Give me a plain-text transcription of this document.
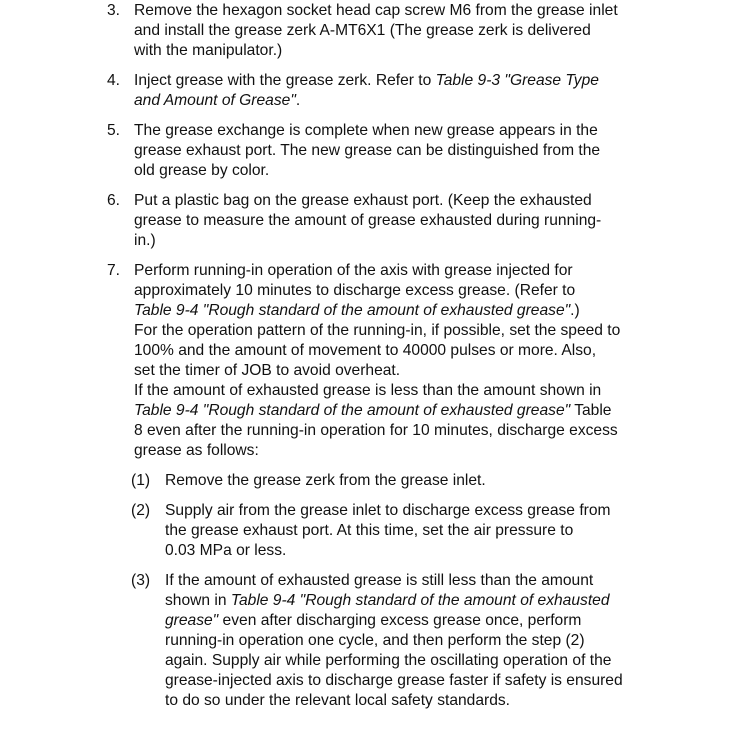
3. Remove the hexagon socket head cap screw M6 from the grease inlet
and install the grease zerk A-MT6X1 (The grease zerk is delivered
with the manipulator.)
4. Inject grease with the grease zerk. Refer to Table 9-3 "Grease Type
and Amount of Grease".
5. The grease exchange is complete when new grease appears in the
grease exhaust port. The new grease can be distinguished from the
old grease by color.
6. Put a plastic bag on the grease exhaust port. (Keep the exhausted
grease to measure the amount of grease exhausted during running-
in.)
7. Perform running-in operation of the axis with grease injected for
approximately 10 minutes to discharge excess grease. (Refer to
Table 9-4 "Rough standard of the amount of exhausted grease".)
For the operation pattern of the running-in, if possible, set the speed to
100% and the amount of movement to 40000 pulses or more. Also,
set the timer of JOB to avoid overheat.
If the amount of exhausted grease is less than the amount shown in
Table 9-4 "Rough standard of the amount of exhausted grease" Table
8 even after the running-in operation for 10 minutes, discharge excess
grease as follows:
(1) Remove the grease zerk from the grease inlet.
(2) Supply air from the grease inlet to discharge excess grease from
the grease exhaust port. At this time, set the air pressure to
0.03 MPa or less.
(3) If the amount of exhausted grease is still less than the amount
shown in Table 9-4 "Rough standard of the amount of exhausted
grease" even after discharging excess grease once, perform
running-in operation one cycle, and then perform the step (2)
again. Supply air while performing the oscillating operation of the
grease-injected axis to discharge grease faster if safety is ensured
to do so under the relevant local safety standards.
